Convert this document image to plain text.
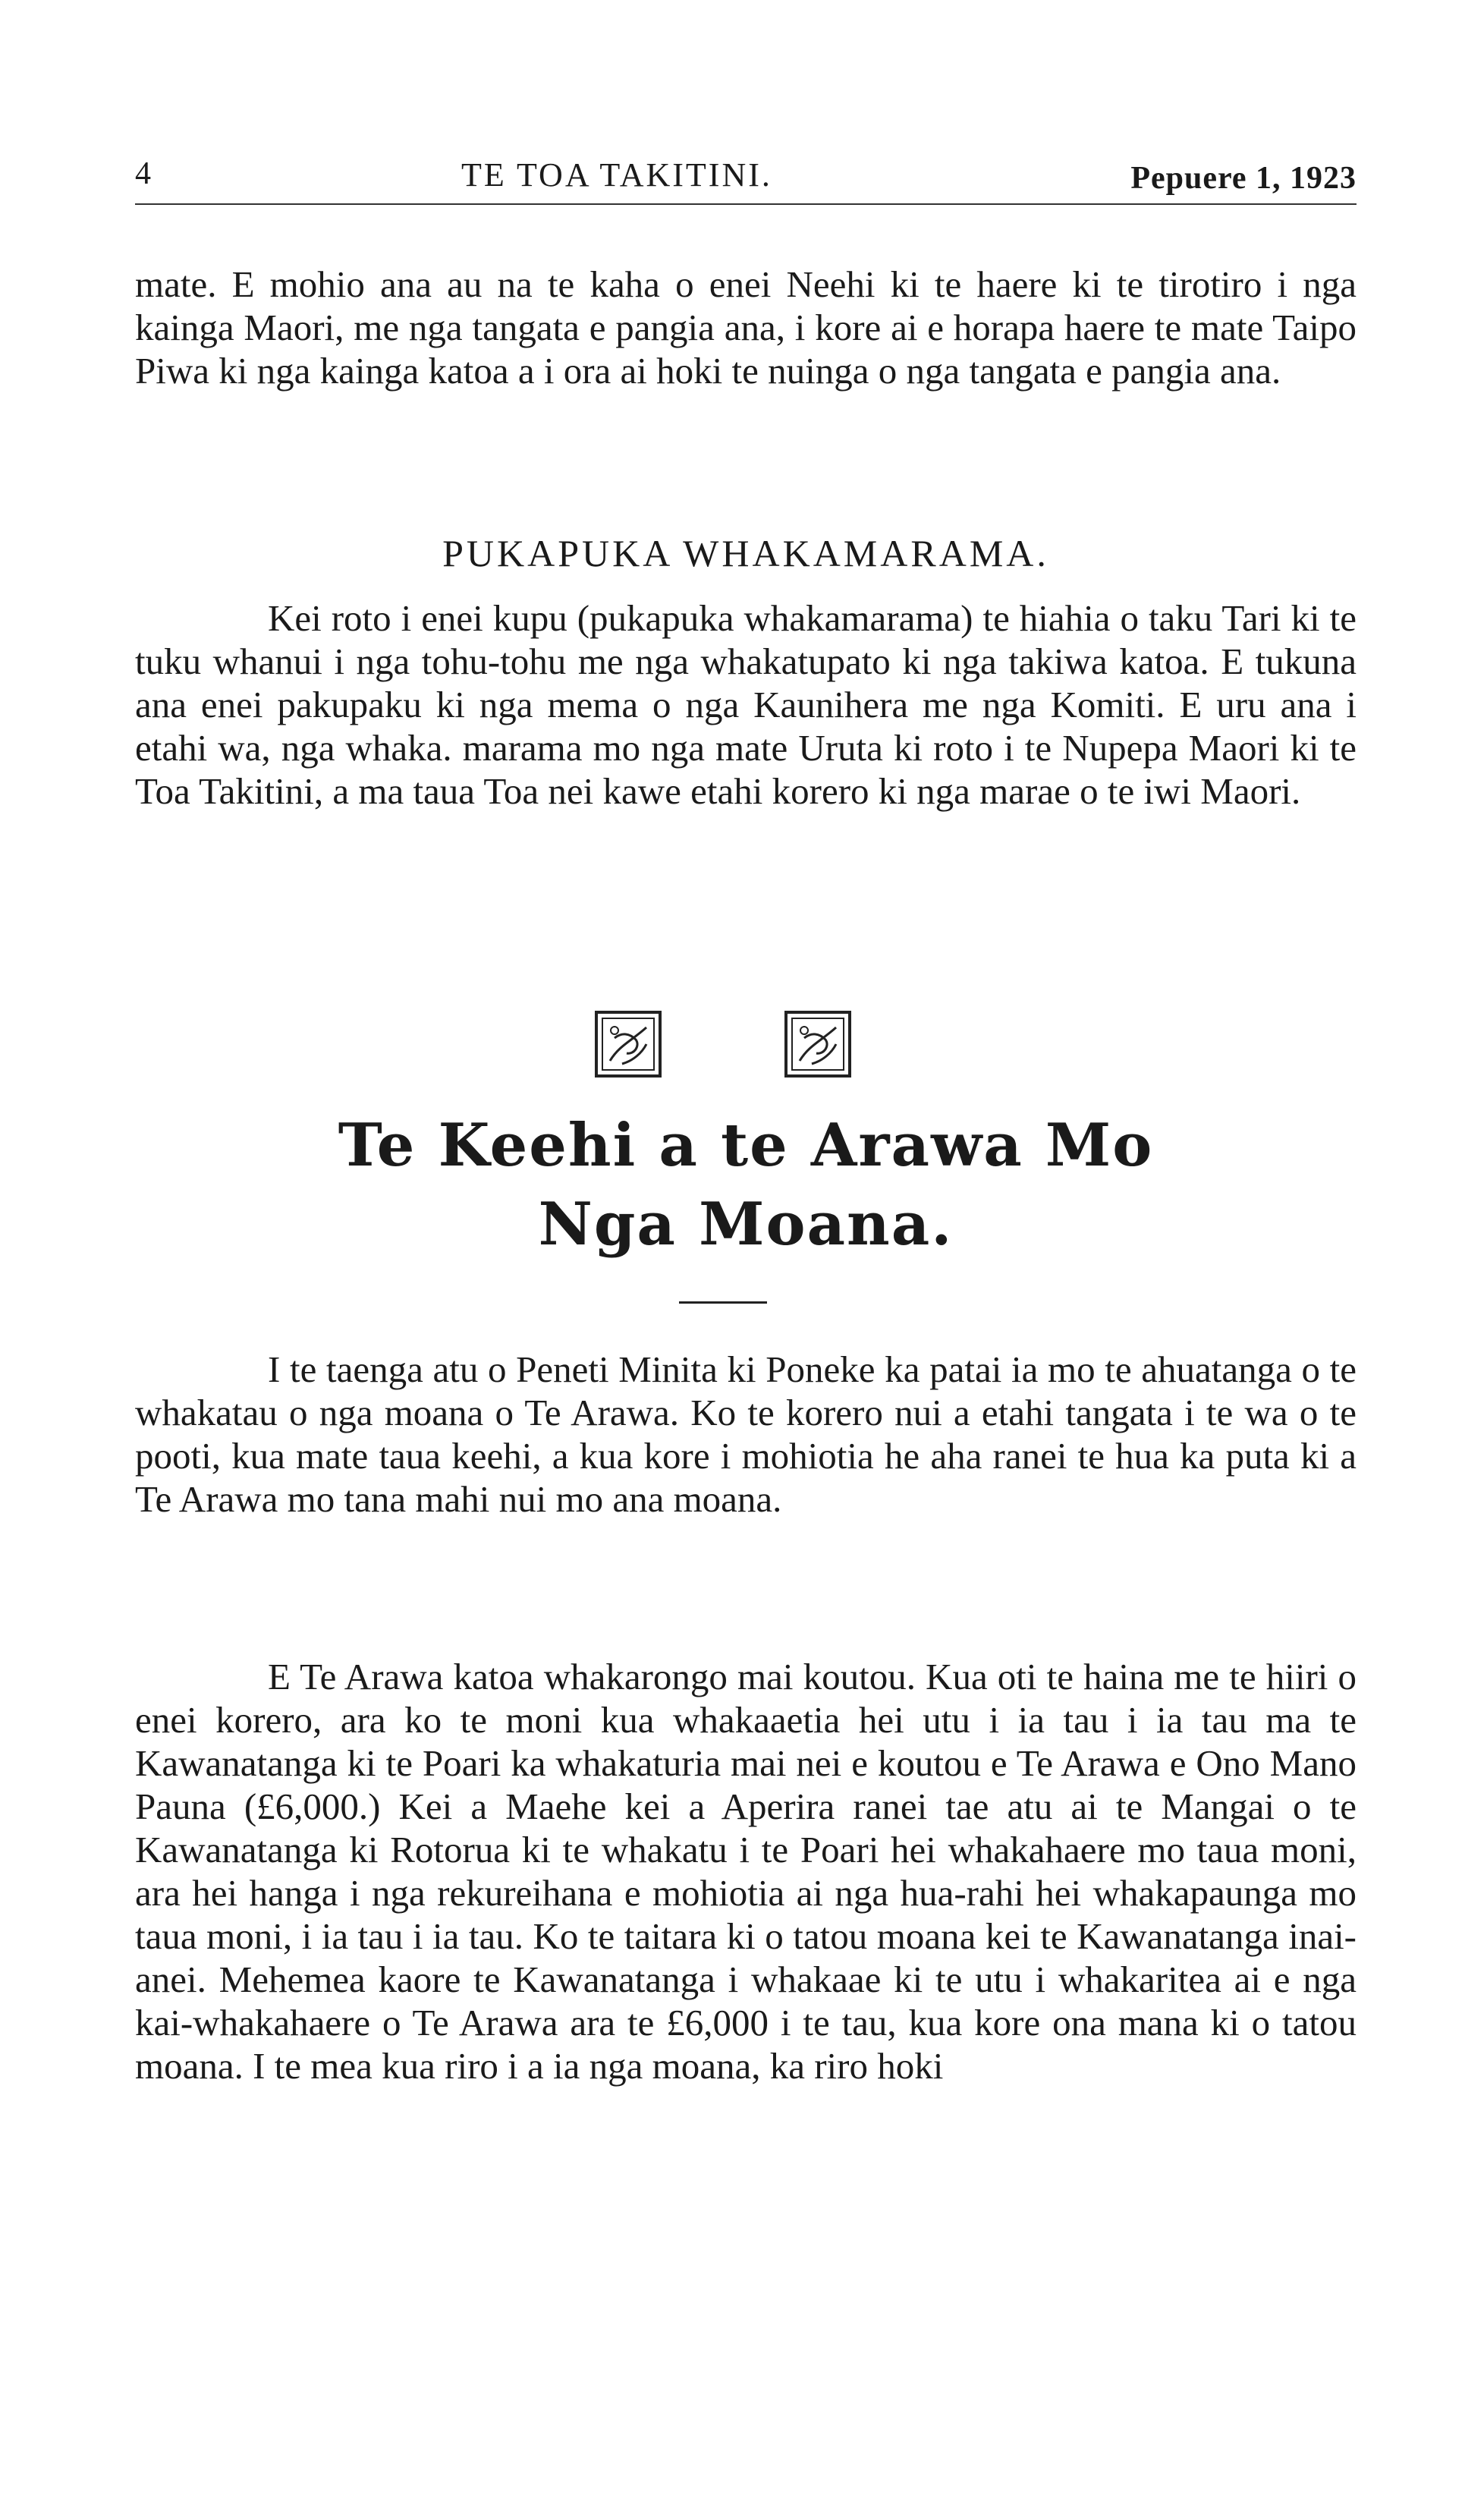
4	TE TOA TAKITINI.	Pepuere 1, 1923

mate. E mohio ana au na te kaha o enei Neehi ki te haere ki te tirotiro i nga kainga Maori, me nga tangata e pangia ana, i kore ai e horapa haere te mate Taipo Piwa ki nga kainga katoa a i ora ai hoki te nuinga o nga tangata e pangia ana.

PUKAPUKA WHAKAMARAMA.

Kei roto i enei kupu (pukapuka whakamarama) te hiahia o taku Tari ki te tuku whanui i nga tohu-tohu me nga whakatupato ki nga takiwa katoa. E tukuna ana enei pakupaku ki nga mema o nga Kaunihera me nga Komiti. E uru ana i etahi wa, nga whaka. marama mo nga mate Uruta ki roto i te Nupepa Maori ki te Toa Takitini, a ma taua Toa nei kawe etahi korero ki nga marae o te iwi Maori.

Te Keehi a te Arawa Mo
Nga Moana.

I te taenga atu o Peneti Minita ki Poneke ka patai ia mo te ahuatanga o te whakatau o nga moana o Te Arawa. Ko te korero nui a etahi tangata i te wa o te pooti, kua mate taua keehi, a kua kore i mohiotia he aha ranei te hua ka puta ki a Te Arawa mo tana mahi nui mo ana moana.

E Te Arawa katoa whakarongo mai koutou. Kua oti te haina me te hiiri o enei korero, ara ko te moni kua whakaaetia hei utu i ia tau i ia tau ma te Kawanatanga ki te Poari ka whakaturia mai nei e koutou e Te Arawa e Ono Mano Pauna (£6,000.) Kei a Maehe kei a Aperira ranei tae atu ai te Mangai o te Kawanatanga ki Rotorua ki te whakatu i te Poari hei whakahaere mo taua moni, ara hei hanga i nga rekureihana e mohiotia ai nga hua-rahi hei whakapaunga mo taua moni, i ia tau i ia tau. Ko te taitara ki o tatou moana kei te Kawanatanga inai-anei. Mehemea kaore te Kawanatanga i whakaae ki te utu i whakaritea ai e nga kai-whakahaere o Te Arawa ara te £6,000 i te tau, kua kore ona mana ki o tatou moana. I te mea kua riro i a ia nga moana, ka riro hoki
